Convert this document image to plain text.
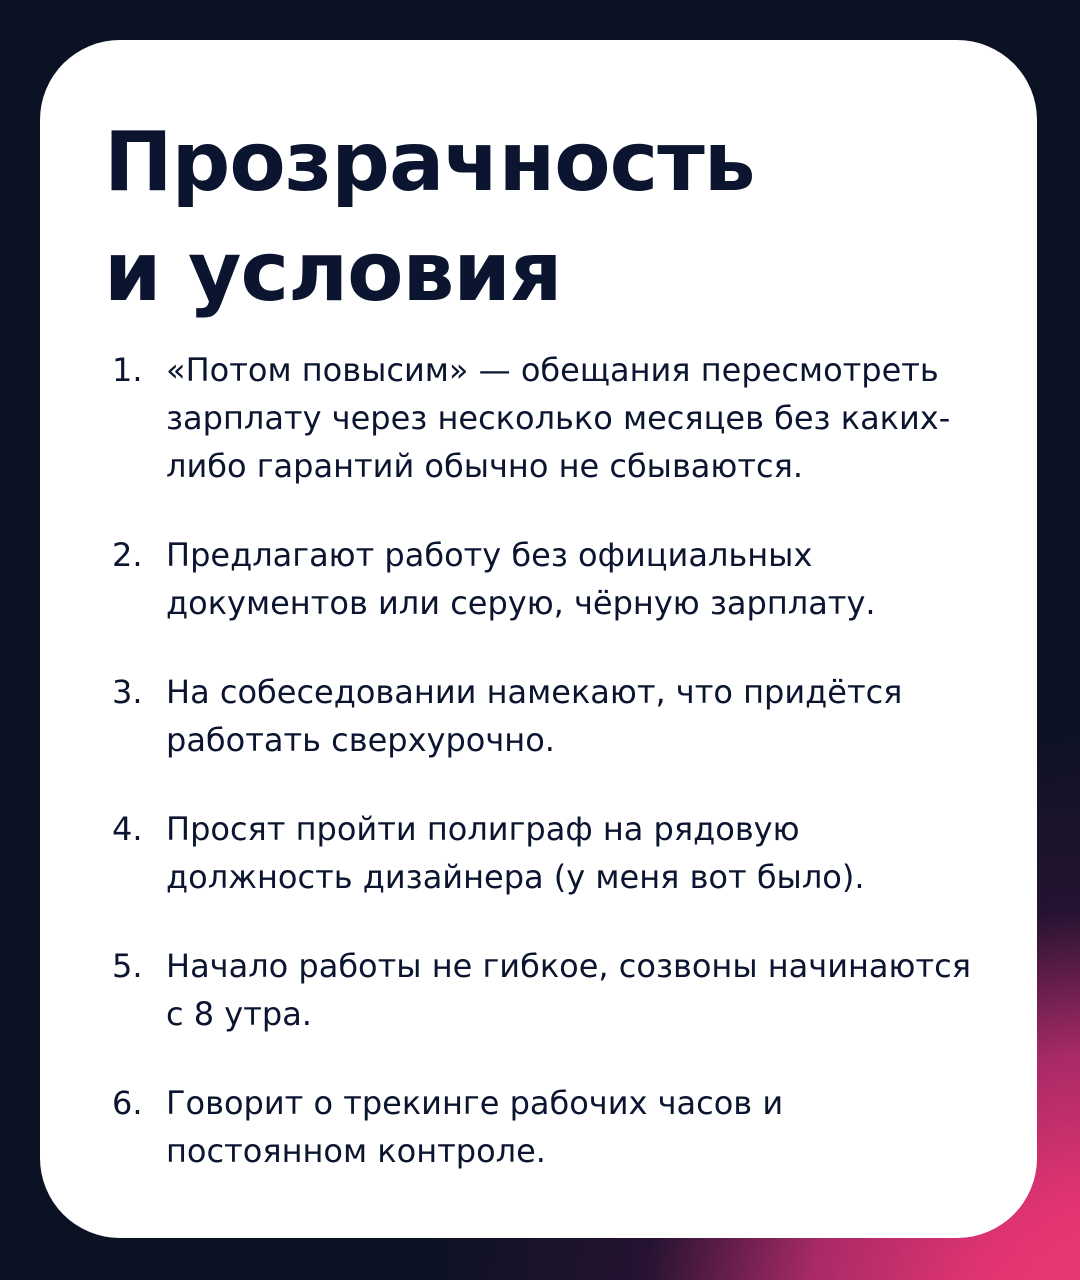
Прозрачность
и условия
1. «Потом повысим» — обещания пересмотреть зарплату через несколько месяцев без каких-либо гарантий обычно не сбываются.
2. Предлагают работу без официальных документов или серую, чёрную зарплату.
3. На собеседовании намекают, что придётся работать сверхурочно.
4. Просят пройти полиграф на рядовую должность дизайнера (у меня вот было).
5. Начало работы не гибкое, созвоны начинаются с 8 утра.
6. Говорит о трекинге рабочих часов и постоянном контроле.
